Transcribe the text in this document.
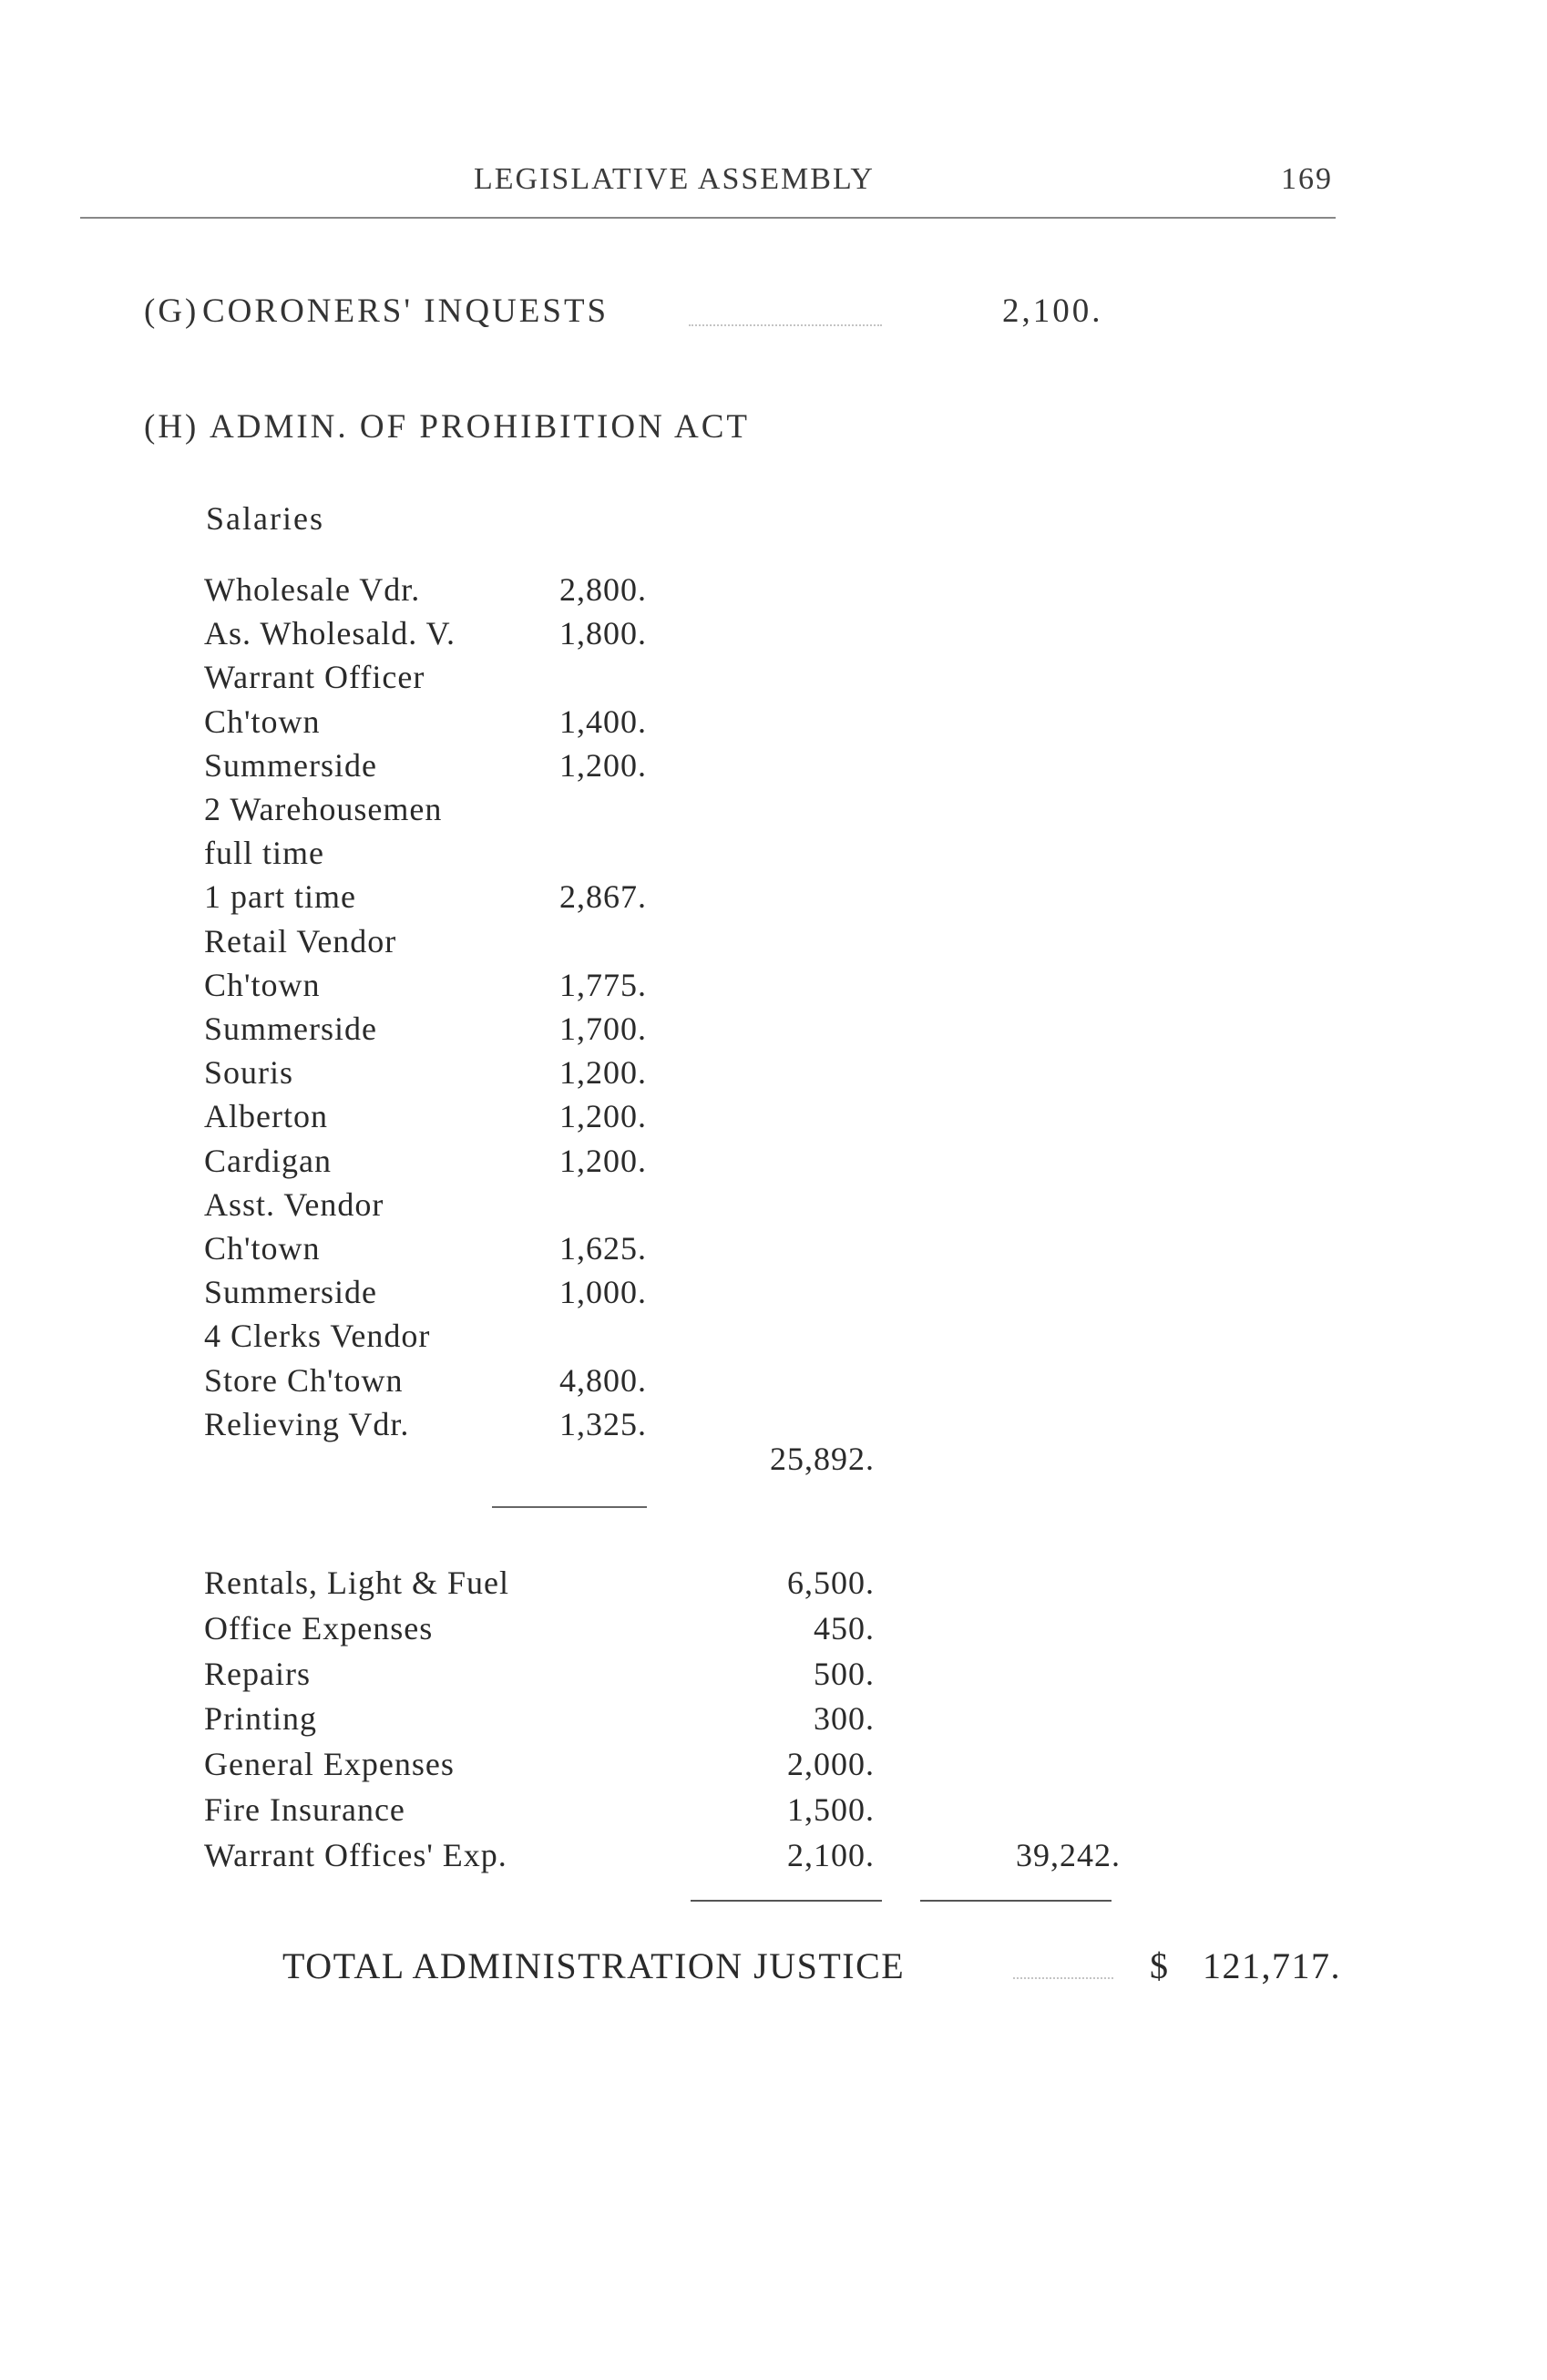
LEGISLATIVE ASSEMBLY	169
(G) CORONERS' INQUESTS	2,100.
(H) ADMIN. OF PROHIBITION ACT
Salaries
Wholesale Vdr.	2,800.
As. Wholesald. V.	1,800.
Warrant Officer
Ch'town	1,400.
Summerside	1,200.
2 Warehousemen
full time
1 part time	2,867.
Retail Vendor
Ch'town	1,775.
Summerside	1,700.
Souris	1,200.
Alberton	1,200.
Cardigan	1,200.
Asst. Vendor
Ch'town	1,625.
Summerside	1,000.
4 Clerks Vendor
Store Ch'town	4,800.
Relieving Vdr.	1,325.
25,892.
Rentals, Light & Fuel	6,500.
Office Expenses	450.
Repairs	500.
Printing	300.
General Expenses	2,000.
Fire Insurance	1,500.
Warrant Offices' Exp.	2,100.	39,242.
TOTAL ADMINISTRATION JUSTICE	$ 121,717.
